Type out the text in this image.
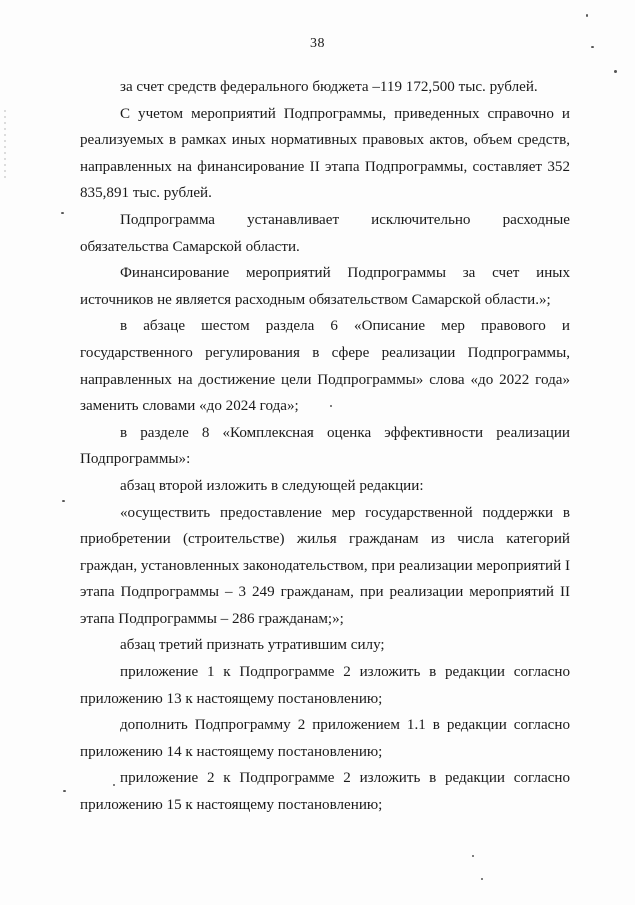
38

за счет средств федерального бюджета –119 172,500 тыс. рублей.

С учетом мероприятий Подпрограммы, приведенных справочно и реализуемых в рамках иных нормативных правовых актов, объем средств, направленных на финансирование II этапа Подпрограммы, составляет 352 835,891 тыс. рублей.

Подпрограмма устанавливает исключительно расходные обязательства Самарской области.

Финансирование мероприятий Подпрограммы за счет иных источников не является расходным обязательством Самарской области.»;

в абзаце шестом раздела 6 «Описание мер правового и государственного регулирования в сфере реализации Подпрограммы, направленных на достижение цели Подпрограммы» слова «до 2022 года» заменить словами «до 2024 года»;

в разделе 8 «Комплексная оценка эффективности реализации Подпрограммы»:

абзац второй изложить в следующей редакции:

«осуществить предоставление мер государственной поддержки в приобретении (строительстве) жилья гражданам из числа категорий граждан, установленных законодательством, при реализации мероприятий I этапа Подпрограммы – 3 249 гражданам, при реализации мероприятий II этапа Подпрограммы – 286 гражданам;»;

абзац третий признать утратившим силу;

приложение 1 к Подпрограмме 2 изложить в редакции согласно приложению 13 к настоящему постановлению;

дополнить Подпрограмму 2 приложением 1.1 в редакции согласно приложению 14 к настоящему постановлению;

приложение 2 к Подпрограмме 2 изложить в редакции согласно приложению 15 к настоящему постановлению;
